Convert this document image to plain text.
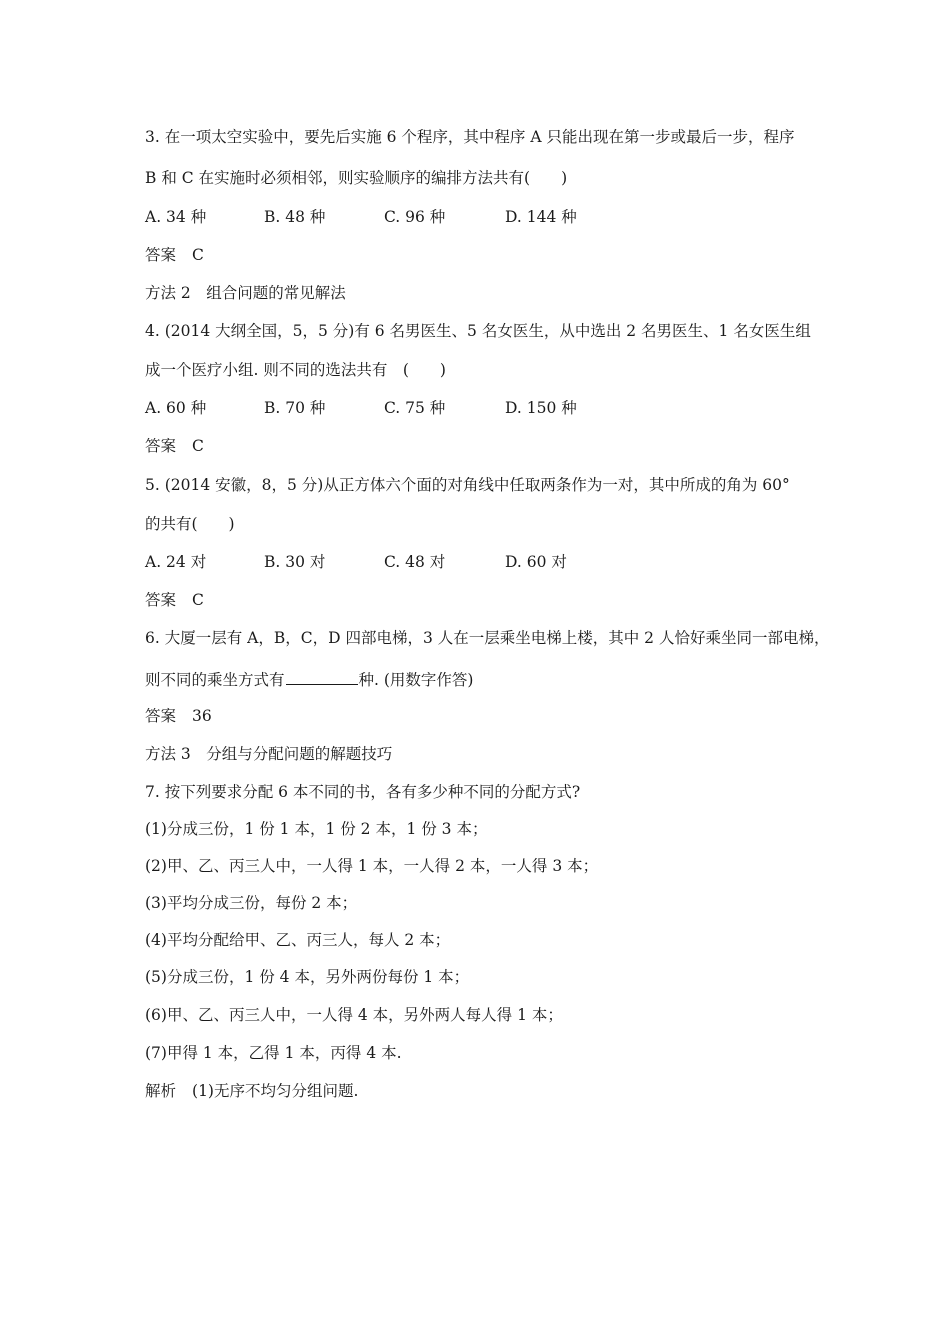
3. 在一项太空实验中，要先后实施 6 个程序，其中程序 A 只能出现在第一步或最后一步，程序

B 和 C 在实施时必须相邻，则实验顺序的编排方法共有(　　)

A. 34 种	B. 48 种	C. 96 种	D. 144 种

答案 C

方法 2　组合问题的常见解法

4. (2014 大纲全国，5，5 分)有 6 名男医生、5 名女医生，从中选出 2 名男医生、1 名女医生组

成一个医疗小组. 则不同的选法共有　(　　)

A. 60 种	B. 70 种	C. 75 种	D. 150 种

答案 C

5. (2014 安徽，8，5 分)从正方体六个面的对角线中任取两条作为一对，其中所成的角为 60°

的共有(　　)

A. 24 对	B. 30 对	C. 48 对	D. 60 对

答案 C

6. 大厦一层有 A，B，C，D 四部电梯，3 人在一层乘坐电梯上楼，其中 2 人恰好乘坐同一部电梯，

则不同的乘坐方式有	种. (用数字作答)

答案 36

方法 3　分组与分配问题的解题技巧

7. 按下列要求分配 6 本不同的书，各有多少种不同的分配方式?

(1)分成三份，1 份 1 本，1 份 2 本，1 份 3 本；

(2)甲、乙、丙三人中，一人得 1 本，一人得 2 本，一人得 3 本；

(3)平均分成三份，每份 2 本；

(4)平均分配给甲、乙、丙三人，每人 2 本；

(5)分成三份，1 份 4 本，另外两份每份 1 本；

(6)甲、乙、丙三人中，一人得 4 本，另外两人每人得 1 本；

(7)甲得 1 本，乙得 1 本，丙得 4 本.

解析 (1)无序不均匀分组问题.
